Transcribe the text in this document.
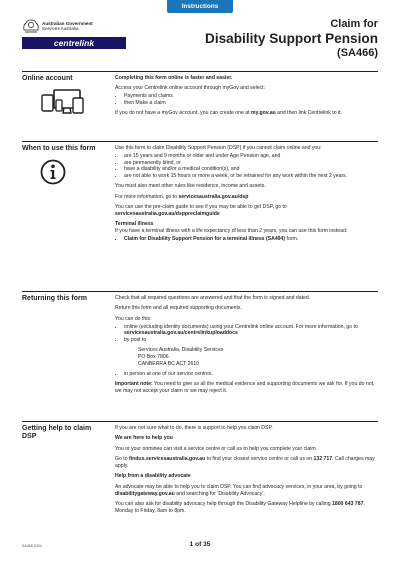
Instructions
Australian Government
Services Australia
centrelink
Claim for
Disability Support Pension
(SA466)
Online account	Completing this form online is faster and easier.

Access your Centrelink online account through myGov and select:

• Payments and claims
• then Make a claim

If you do not have a myGov account, you can create one at my.gov.au and then link Centrelink to it.

When to use this form	Use this form to claim Disability Support Pension (DSP) if you cannot claim online and you:

• are 15 years and 9 months or older and under Age Pension age, and
• are permanently blind, or
• have a disability and/or a medical condition(s), and
• are not able to work 15 hours or more a week, or be retrained for any work within the next 2 years.

You must also meet other rules like residence, income and assets.

For more information, go to servicesaustralia.gov.au/dsp

You can use the pre-claim guide to see if you may be able to get DSP, go to servicesaustralia.gov.au/dsppreclaimguide

Terminal illness

If you have a terminal illness with a life expectancy of less than 2 years, you can use this form instead:

• Claim for Disability Support Pension for a terminal illness (SA494) form.
Returning this form	Check that all required questions are answered and that the form is signed and dated.

Return this form and all required supporting documents.

You can do this:

• online (excluding identity documents) using your Centrelink online account. For more information, go to servicesaustralia.gov.au/centrelinkuploaddocs
• by post to
Services Australia, Disability Services
PO Box 7806
CANBERRA BC ACT 2610
• in person at one of our service centres.

Important note: You need to give us all the medical evidence and supporting documents we ask for. If you do not, we may not accept your claim or we may reject it.

Getting help to claim DSP

If you are not sure what to do, there is support to help you claim DSP.

We are here to help you

You or your nominee can visit a service centre or call us to help you complete your claim.

Go to findus.servicesaustralia.gov.au to find your closest service centre or call us on 132 717. Call charges may apply.

Help from a disability advocate

An advocate may be able to help you to claim DSP. You can find advocacy services, in your area, by going to disabilitygateway.gov.au and searching for 'Disability Advocacy'.

You can also ask for disability advocacy help through the Disability Gateway Helpline by calling 1800 643 787, Monday to Friday, 8am to 8pm.

SA466.2404	1 of 35
